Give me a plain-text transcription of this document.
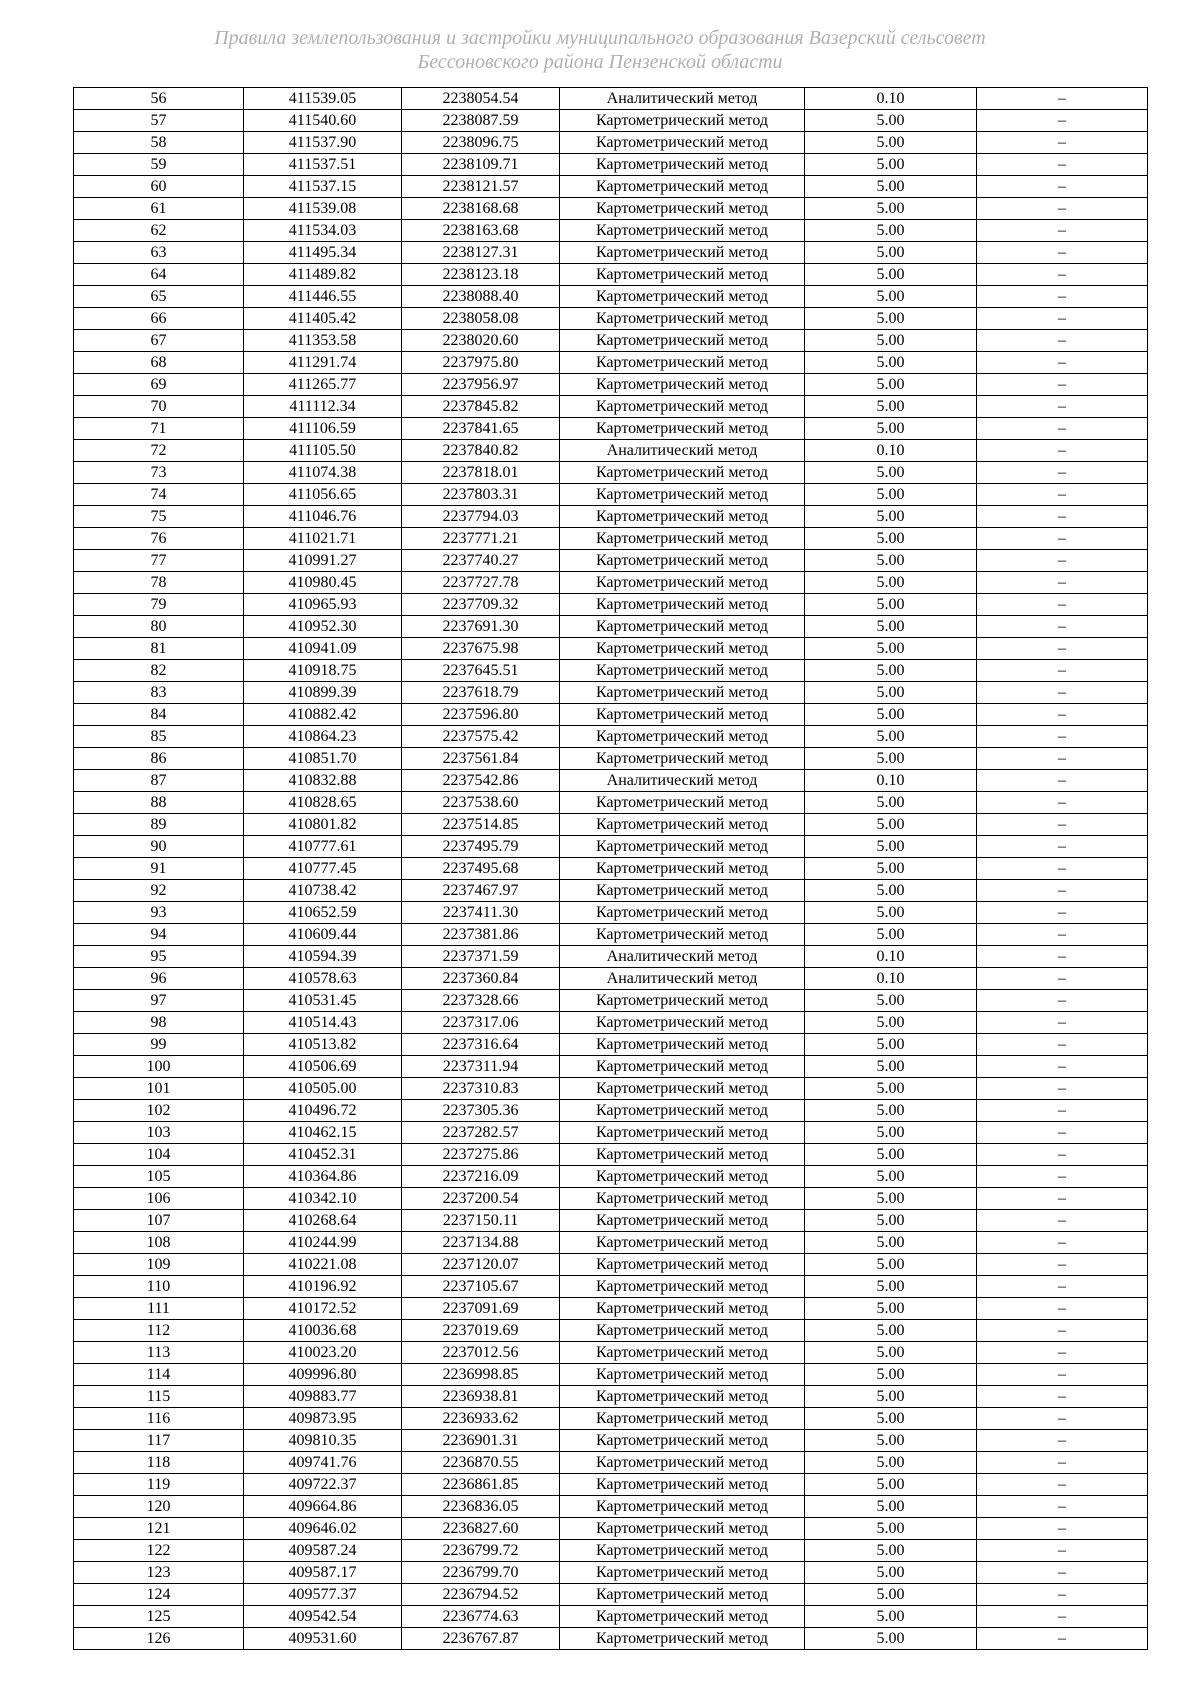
Правила землепользования и застройки муниципального образования Вазерский сельсовет
Бессоновского района Пензенской области
56	411539.05	2238054.54	Аналитический метод	0.10	–
57	411540.60	2238087.59	Картометрический метод	5.00	–
58	411537.90	2238096.75	Картометрический метод	5.00	–
59	411537.51	2238109.71	Картометрический метод	5.00	–
60	411537.15	2238121.57	Картометрический метод	5.00	–
61	411539.08	2238168.68	Картометрический метод	5.00	–
62	411534.03	2238163.68	Картометрический метод	5.00	–
63	411495.34	2238127.31	Картометрический метод	5.00	–
64	411489.82	2238123.18	Картометрический метод	5.00	–
65	411446.55	2238088.40	Картометрический метод	5.00	–
66	411405.42	2238058.08	Картометрический метод	5.00	–
67	411353.58	2238020.60	Картометрический метод	5.00	–
68	411291.74	2237975.80	Картометрический метод	5.00	–
69	411265.77	2237956.97	Картометрический метод	5.00	–
70	411112.34	2237845.82	Картометрический метод	5.00	–
71	411106.59	2237841.65	Картометрический метод	5.00	–
72	411105.50	2237840.82	Аналитический метод	0.10	–
73	411074.38	2237818.01	Картометрический метод	5.00	–
74	411056.65	2237803.31	Картометрический метод	5.00	–
75	411046.76	2237794.03	Картометрический метод	5.00	–
76	411021.71	2237771.21	Картометрический метод	5.00	–
77	410991.27	2237740.27	Картометрический метод	5.00	–
78	410980.45	2237727.78	Картометрический метод	5.00	–
79	410965.93	2237709.32	Картометрический метод	5.00	–
80	410952.30	2237691.30	Картометрический метод	5.00	–
81	410941.09	2237675.98	Картометрический метод	5.00	–
82	410918.75	2237645.51	Картометрический метод	5.00	–
83	410899.39	2237618.79	Картометрический метод	5.00	–
84	410882.42	2237596.80	Картометрический метод	5.00	–
85	410864.23	2237575.42	Картометрический метод	5.00	–
86	410851.70	2237561.84	Картометрический метод	5.00	–
87	410832.88	2237542.86	Аналитический метод	0.10	–
88	410828.65	2237538.60	Картометрический метод	5.00	–
89	410801.82	2237514.85	Картометрический метод	5.00	–
90	410777.61	2237495.79	Картометрический метод	5.00	–
91	410777.45	2237495.68	Картометрический метод	5.00	–
92	410738.42	2237467.97	Картометрический метод	5.00	–
93	410652.59	2237411.30	Картометрический метод	5.00	–
94	410609.44	2237381.86	Картометрический метод	5.00	–
95	410594.39	2237371.59	Аналитический метод	0.10	–
96	410578.63	2237360.84	Аналитический метод	0.10	–
97	410531.45	2237328.66	Картометрический метод	5.00	–
98	410514.43	2237317.06	Картометрический метод	5.00	–
99	410513.82	2237316.64	Картометрический метод	5.00	–
100	410506.69	2237311.94	Картометрический метод	5.00	–
101	410505.00	2237310.83	Картометрический метод	5.00	–
102	410496.72	2237305.36	Картометрический метод	5.00	–
103	410462.15	2237282.57	Картометрический метод	5.00	–
104	410452.31	2237275.86	Картометрический метод	5.00	–
105	410364.86	2237216.09	Картометрический метод	5.00	–
106	410342.10	2237200.54	Картометрический метод	5.00	–
107	410268.64	2237150.11	Картометрический метод	5.00	–
108	410244.99	2237134.88	Картометрический метод	5.00	–
109	410221.08	2237120.07	Картометрический метод	5.00	–
110	410196.92	2237105.67	Картометрический метод	5.00	–
111	410172.52	2237091.69	Картометрический метод	5.00	–
112	410036.68	2237019.69	Картометрический метод	5.00	–
113	410023.20	2237012.56	Картометрический метод	5.00	–
114	409996.80	2236998.85	Картометрический метод	5.00	–
115	409883.77	2236938.81	Картометрический метод	5.00	–
116	409873.95	2236933.62	Картометрический метод	5.00	–
117	409810.35	2236901.31	Картометрический метод	5.00	–
118	409741.76	2236870.55	Картометрический метод	5.00	–
119	409722.37	2236861.85	Картометрический метод	5.00	–
120	409664.86	2236836.05	Картометрический метод	5.00	–
121	409646.02	2236827.60	Картометрический метод	5.00	–
122	409587.24	2236799.72	Картометрический метод	5.00	–
123	409587.17	2236799.70	Картометрический метод	5.00	–
124	409577.37	2236794.52	Картометрический метод	5.00	–
125	409542.54	2236774.63	Картометрический метод	5.00	–
126	409531.60	2236767.87	Картометрический метод	5.00	–
